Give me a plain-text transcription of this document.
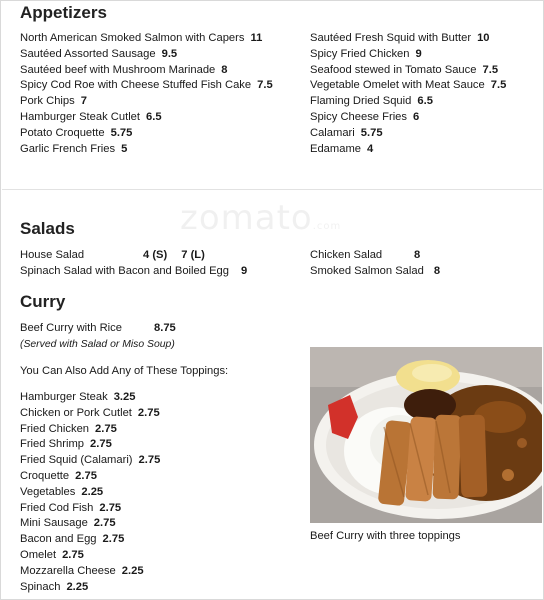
Appetizers
North American Smoked Salmon with Capers 11
Sautéed Assorted Sausage 9.5
Sautéed beef with Mushroom Marinade 8
Spicy Cod Roe with Cheese Stuffed Fish Cake 7.5
Pork Chips 7
Hamburger Steak Cutlet 6.5
Potato Croquette 5.75
Garlic French Fries 5
Sautéed Fresh Squid with Butter 10
Spicy Fried Chicken 9
Seafood stewed in Tomato Sauce 7.5
Vegetable Omelet with Meat Sauce 7.5
Flaming Dried Squid 6.5
Spicy Cheese Fries 6
Calamari 5.75
Edamame 4
zomato.com
Salads
House Salad	4 (S) 7 (L)
Spinach Salad with Bacon and Boiled Egg 9
Chicken Salad	8
Smoked Salmon Salad 8
Curry
Beef Curry with Rice	8.75
(Served with Salad or Miso Soup)
You Can Also Add Any of These Toppings:
Hamburger Steak 3.25
Chicken or Pork Cutlet 2.75
Fried Chicken 2.75
Fried Shrimp 2.75
Fried Squid (Calamari) 2.75
Croquette 2.75
Vegetables 2.25
Fried Cod Fish 2.75
Mini Sausage 2.75
Bacon and Egg 2.75
Omelet 2.75
Mozzarella Cheese 2.25
Spinach 2.25
Beef Curry with three toppings
